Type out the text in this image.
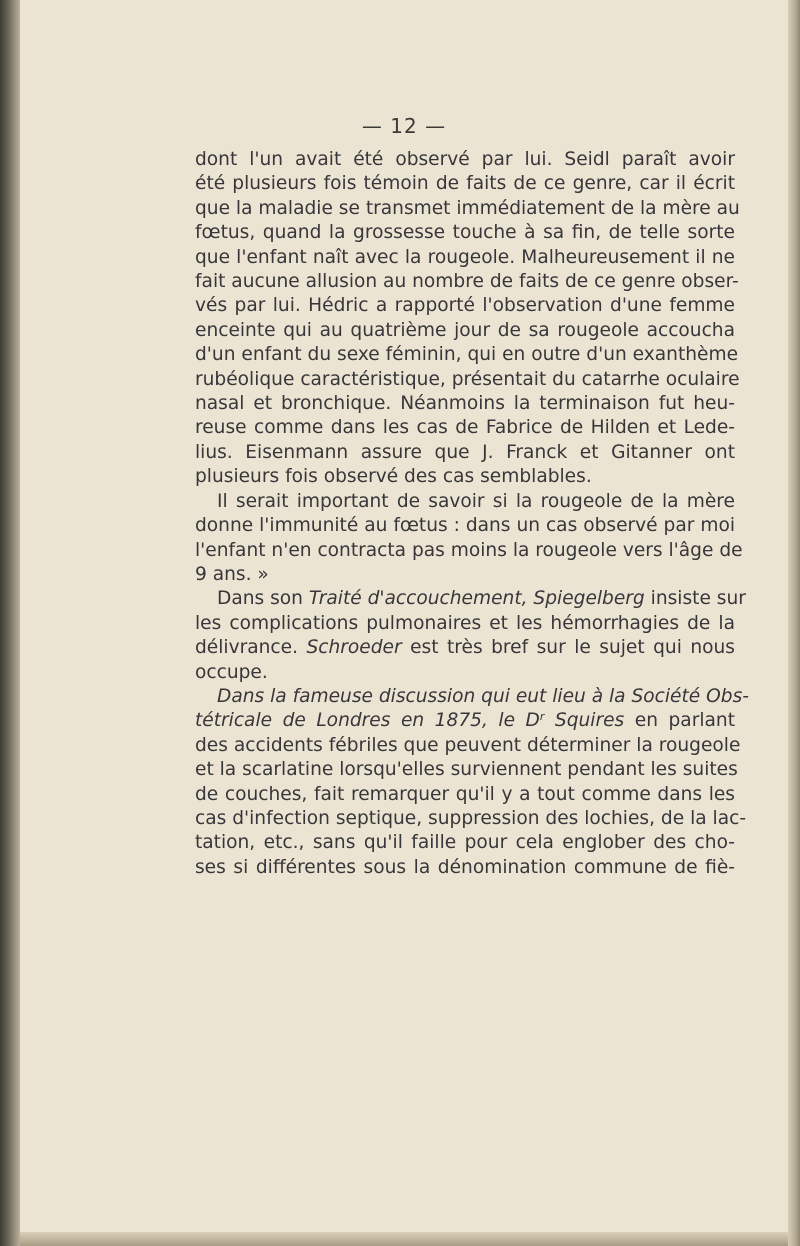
— 12 —
dont l'un avait été observé par lui. Seidl paraît avoir
été plusieurs fois témoin de faits de ce genre, car il écrit
que la maladie se transmet immédiatement de la mère au
fœtus, quand la grossesse touche à sa fin, de telle sorte
que l'enfant naît avec la rougeole. Malheureusement il ne
fait aucune allusion au nombre de faits de ce genre obser-
vés par lui. Hédric a rapporté l'observation d'une femme
enceinte qui au quatrième jour de sa rougeole accoucha
d'un enfant du sexe féminin, qui en outre d'un exanthème
rubéolique caractéristique, présentait du catarrhe oculaire
nasal et bronchique. Néanmoins la terminaison fut heu-
reuse comme dans les cas de Fabrice de Hilden et Lede-
lius. Eisenmann assure que J. Franck et Gitanner ont
plusieurs fois observé des cas semblables.
Il serait important de savoir si la rougeole de la mère
donne l'immunité au fœtus : dans un cas observé par moi
l'enfant n'en contracta pas moins la rougeole vers l'âge de
9 ans. »
Dans son Traité d'accouchement, Spiegelberg insiste sur
les complications pulmonaires et les hémorrhagies de la
délivrance. Schroeder est très bref sur le sujet qui nous
occupe.
Dans la fameuse discussion qui eut lieu à la Société Obs-
tétricale de Londres en 1875, le $D^r$ Squires en parlant
des accidents fébriles que peuvent déterminer la rougeole
et la scarlatine lorsqu'elles surviennent pendant les suites
de couches, fait remarquer qu'il y a tout comme dans les
cas d'infection septique, suppression des lochies, de la lac-
tation, etc., sans qu'il faille pour cela englober des cho-
ses si différentes sous la dénomination commune de fiè-
